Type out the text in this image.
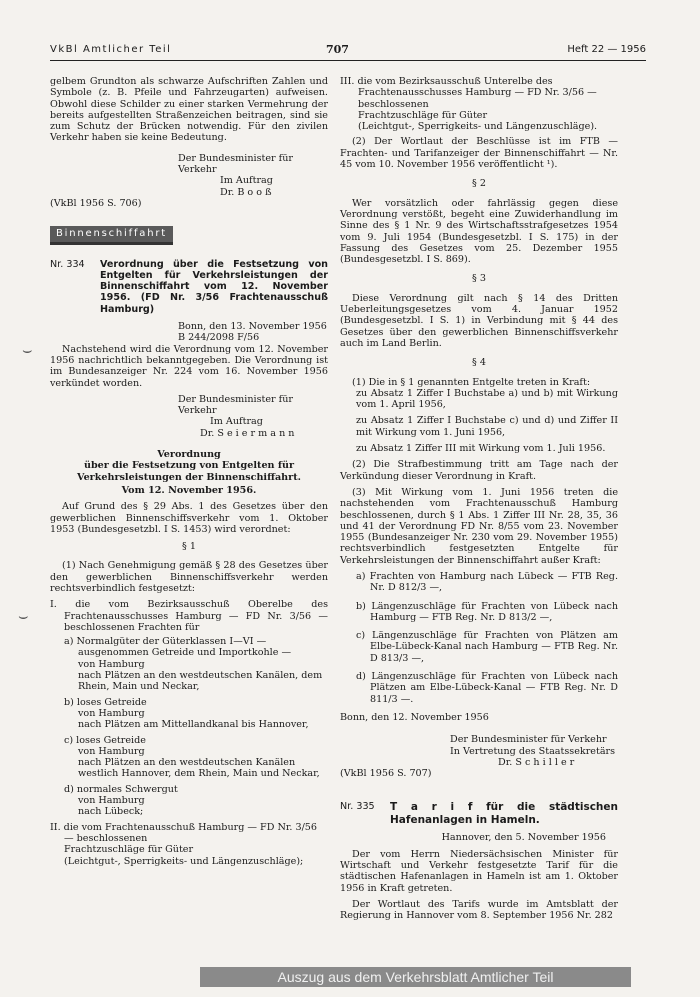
VkBl Amtlicher Teil	707	Heft 22 — 1956

gelbem Grundton als schwarze Aufschriften Zahlen und Symbole (z. B. Pfeile und Fahrzeugarten) aufweisen. Obwohl diese Schilder zu einer starken Vermehrung der bereits aufgestellten Straßenzeichen beitragen, sind sie zum Schutz der Brücken notwendig. Für den zivilen Verkehr haben sie keine Bedeutung.

Der Bundesminister für Verkehr

Im Auftrag

Dr. B o o ß

(VkBl 1956 S. 706)

Binnenschiffahrt
Nr. 334	Verordnung über die Festsetzung von Entgelten für Verkehrsleistungen der Binnenschiffahrt vom 12. November 1956. (FD Nr. 3/56 Frachtenausschuß Hamburg)

Bonn, den 13. November 1956

B 244/2098 F/56

Nachstehend wird die Verordnung vom 12. November 1956 nachrichtlich bekanntgegeben. Die Verordnung ist im Bundesanzeiger Nr. 224 vom 16. November 1956 verkündet worden.

Der Bundesminister für Verkehr

Im Auftrag

Dr. S e i e r m a n n

Verordnung

über die Festsetzung von Entgelten für Verkehrsleistungen der Binnenschiffahrt.

Vom 12. November 1956.

Auf Grund des § 29 Abs. 1 des Gesetzes über den gewerblichen Binnenschiffsverkehr vom 1. Oktober 1953 (Bundesgesetzbl. I S. 1453) wird verordnet:

§ 1

(1) Nach Genehmigung gemäß § 28 des Gesetzes über den gewerblichen Binnenschiffsverkehr werden rechtsverbindlich festgesetzt:

I. die vom Bezirksausschuß Oberelbe des Frachtenausschusses Hamburg — FD Nr. 3/56 — beschlossenen Frachten für

a) Normalgüter der Güterklassen I—VI — ausgenommen Getreide und Importkohle —
von Hamburg
nach Plätzen an den westdeutschen Kanälen, dem Rhein, Main und Neckar,
b) loses Getreide
von Hamburg
nach Plätzen am Mittellandkanal bis Hannover,
c) loses Getreide
von Hamburg
nach Plätzen an den westdeutschen Kanälen westlich Hannover, dem Rhein, Main und Neckar,
d) normales Schwergut
von Hamburg
nach Lübeck;
II. die vom Frachtenausschuß Hamburg — FD Nr. 3/56 — beschlossenen
Frachtzuschläge für Güter
(Leichtgut-, Sperrigkeits- und Längenzuschläge);
III. die vom Bezirksausschuß Unterelbe des Frachtenausschusses Hamburg — FD Nr. 3/56 — beschlossenen
Frachtzuschläge für Güter
(Leichtgut-, Sperrigkeits- und Längenzuschläge).

(2) Der Wortlaut der Beschlüsse ist im FTB — Frachten- und Tarifanzeiger der Binnenschiffahrt — Nr. 45 vom 10. November 1956 veröffentlicht ¹).

§ 2

Wer vorsätzlich oder fahrlässig gegen diese Verordnung verstößt, begeht eine Zuwiderhandlung im Sinne des § 1 Nr. 9 des Wirtschaftsstrafgesetzes 1954 vom 9. Juli 1954 (Bundesgesetzbl. I S. 175) in der Fassung des Gesetzes vom 25. Dezember 1955 (Bundesgesetzbl. I S. 869).

§ 3

Diese Verordnung gilt nach § 14 des Dritten Ueberleitungsgesetzes vom 4. Januar 1952 (Bundesgesetzbl. I S. 1) in Verbindung mit § 44 des Gesetzes über den gewerblichen Binnenschiffsverkehr auch im Land Berlin.

§ 4

(1) Die in § 1 genannten Entgelte treten in Kraft:

zu Absatz 1 Ziffer I Buchstabe a) und b) mit Wirkung vom 1. April 1956,

zu Absatz 1 Ziffer I Buchstabe c) und d) und Ziffer II mit Wirkung vom 1. Juni 1956,

zu Absatz 1 Ziffer III mit Wirkung vom 1. Juli 1956.

(2) Die Strafbestimmung tritt am Tage nach der Verkündung dieser Verordnung in Kraft.

(3) Mit Wirkung vom 1. Juni 1956 treten die nachstehenden vom Frachtenausschuß Hamburg beschlossenen, durch § 1 Abs. 1 Ziffer III Nr. 28, 35, 36 und 41 der Verordnung FD Nr. 8/55 vom 23. November 1955 (Bundesanzeiger Nr. 230 vom 29. November 1955) rechtsverbindlich festgesetzten Entgelte für Verkehrsleistungen der Binnenschiffahrt außer Kraft:

a) Frachten von Hamburg nach Lübeck — FTB Reg. Nr. D 812/3 —,

b) Längenzuschläge für Frachten von Lübeck nach Hamburg — FTB Reg. Nr. D 813/2 —,

c) Längenzuschläge für Frachten von Plätzen am Elbe-Lübeck-Kanal nach Hamburg — FTB Reg. Nr. D 813/3 —,

d) Längenzuschläge für Frachten von Lübeck nach Plätzen am Elbe-Lübeck-Kanal — FTB Reg. Nr. D 811/3 —.

Bonn, den 12. November 1956

Der Bundesminister für Verkehr

In Vertretung des Staatssekretärs

Dr. S c h i l l e r

(VkBl 1956 S. 707)

Nr. 335	T a r i f für die städtischen Hafenanlagen in Hameln.

Hannover, den 5. November 1956

Der vom Herrn Niedersächsischen Minister für Wirtschaft und Verkehr festgesetzte Tarif für die städtischen Hafenanlagen in Hameln ist am 1. Oktober 1956 in Kraft getreten.

Der Wortlaut des Tarifs wurde im Amtsblatt der Regierung in Hannover vom 8. September 1956 Nr. 282

⌣
⌣
Auszug aus dem Verkehrsblatt Amtlicher Teil
